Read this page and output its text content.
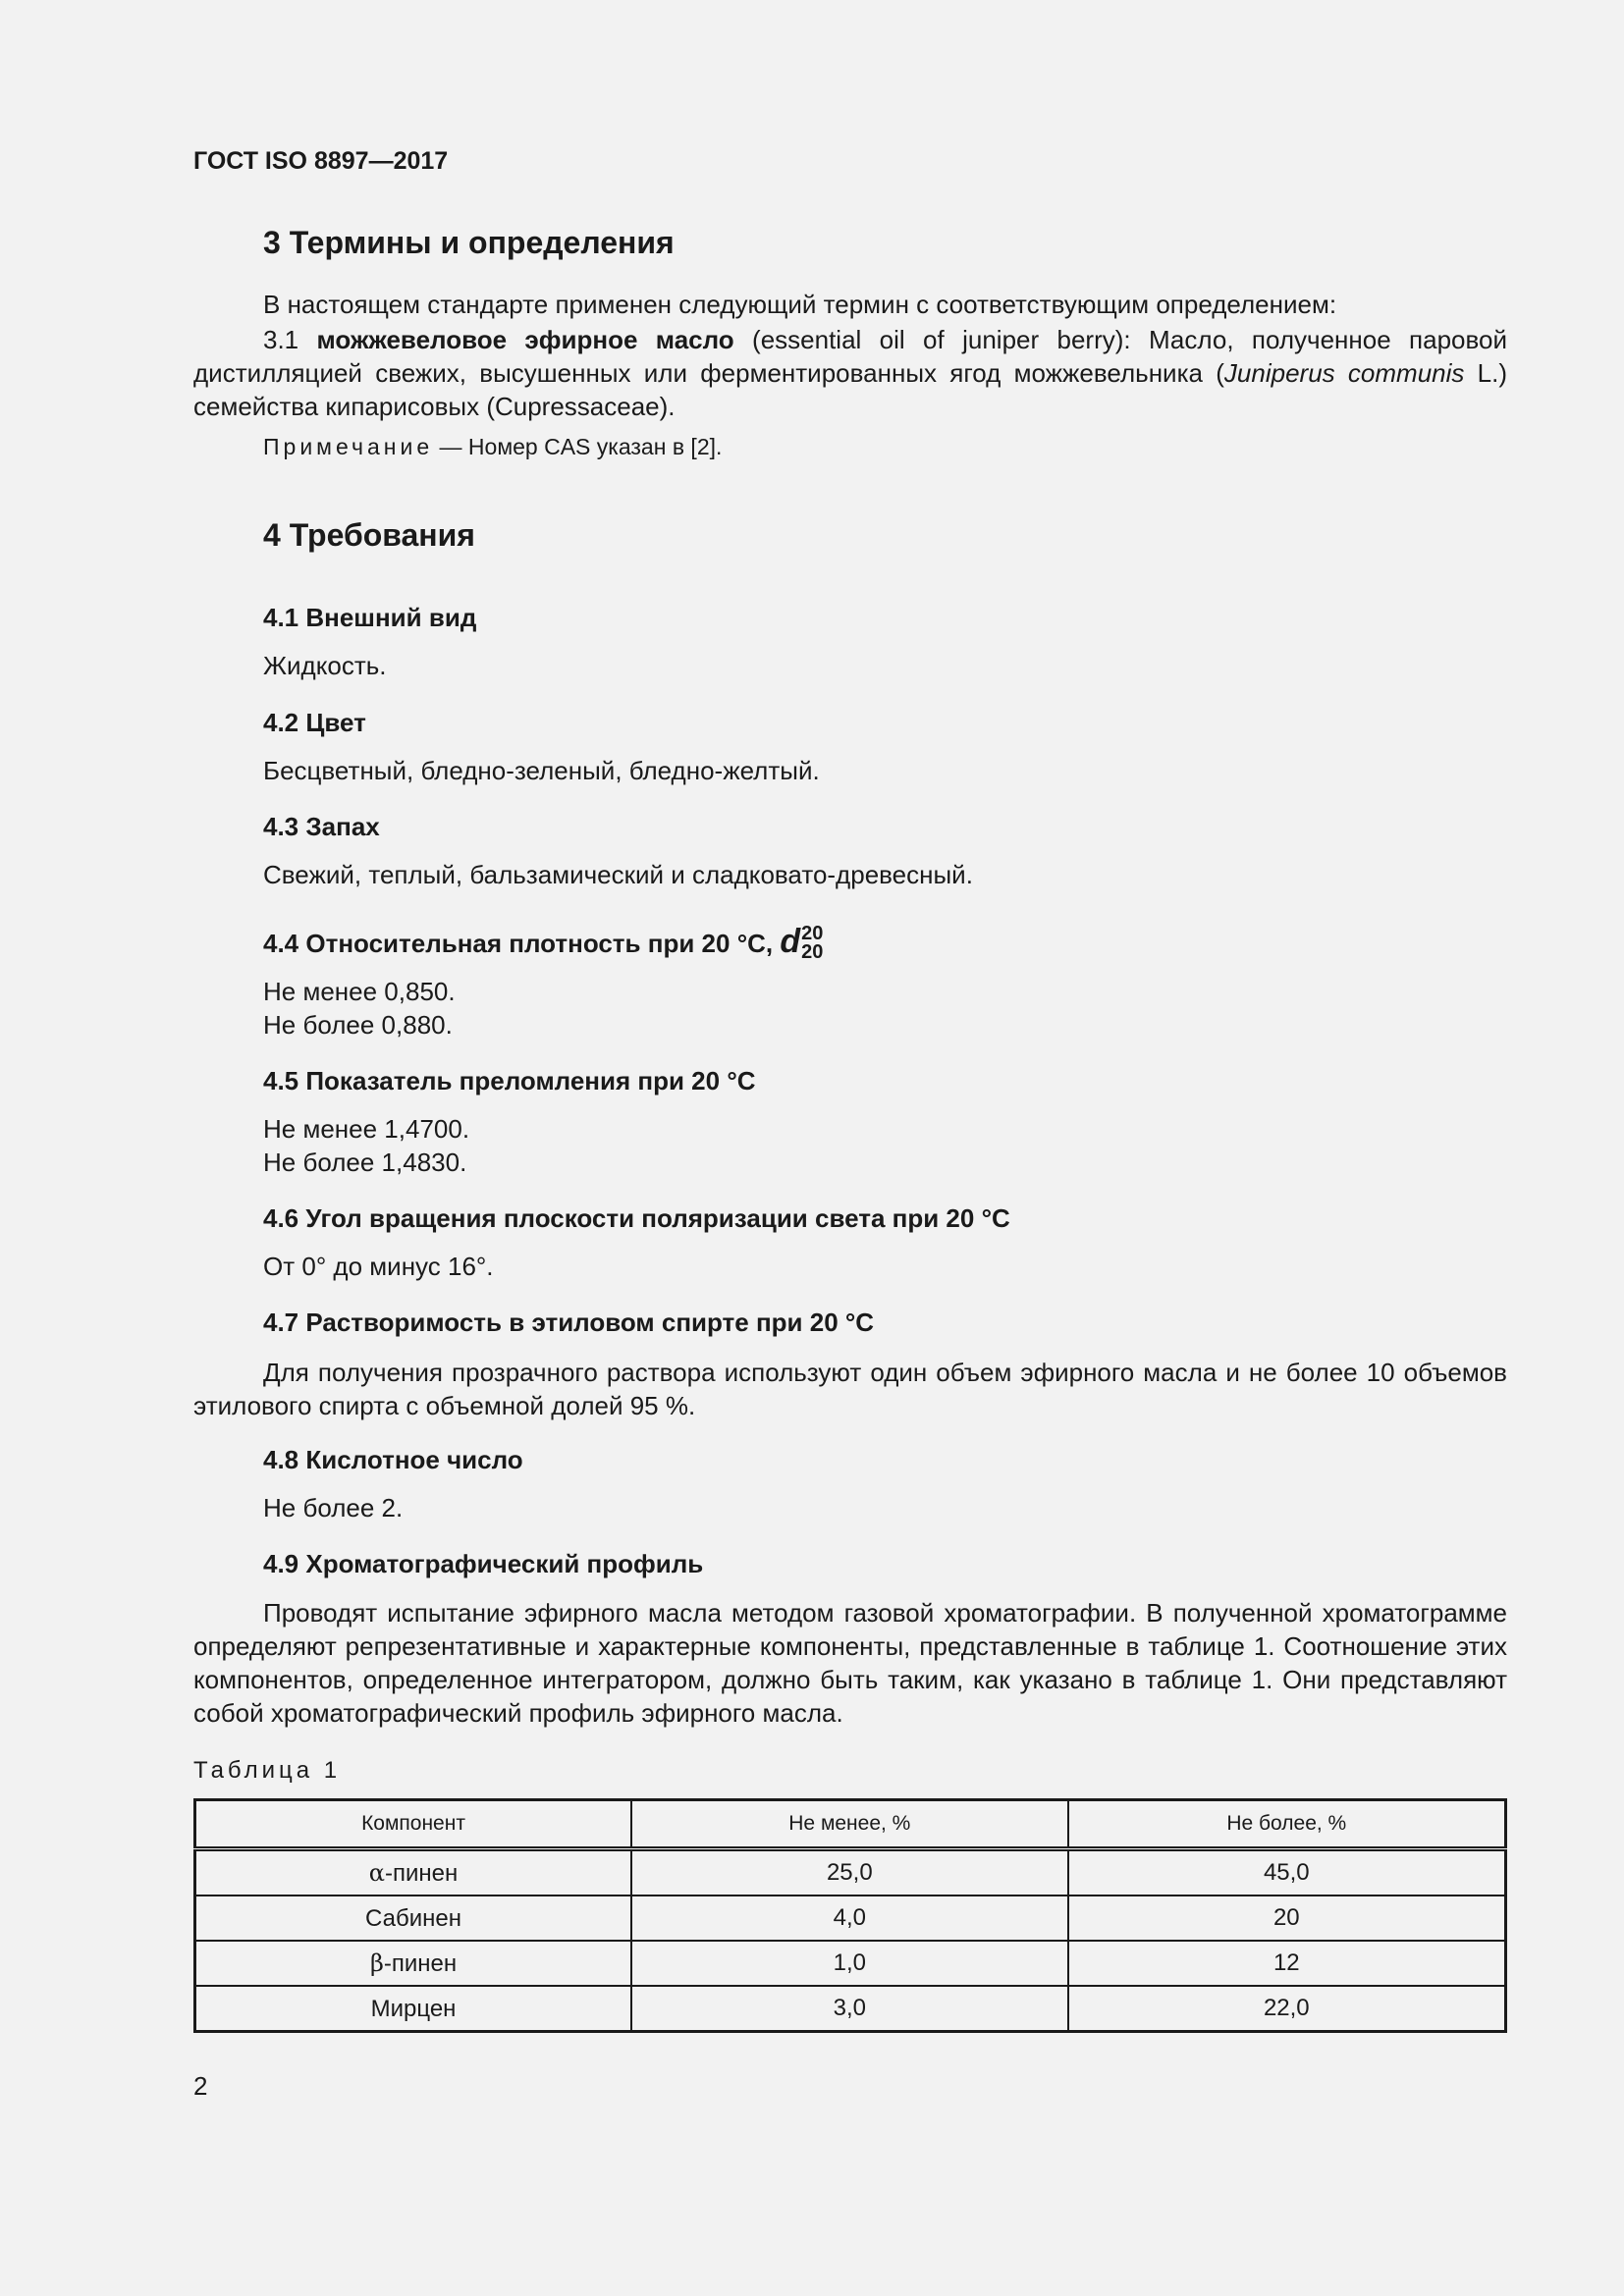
ГОСТ ISO 8897—2017
3 Термины и определения
В настоящем стандарте применен следующий термин с соответствующим определением:
3.1 можжевеловое эфирное масло (essential oil of juniper berry): Масло, полученное паровой дистилляцией свежих, высушенных или ферментированных ягод можжевельника (Juniperus communis L.) семейства кипарисовых (Cupressaceae).
Примечание — Номер CAS указан в [2].
4 Требования
4.1 Внешний вид
Жидкость.
4.2 Цвет
Бесцветный, бледно-зеленый, бледно-желтый.
4.3 Запах
Свежий, теплый, бальзамический и сладковато-древесный.
4.4 Относительная плотность при 20 °С, d 20
20
Не менее 0,850.
Не более 0,880.
4.5 Показатель преломления при 20 °С
Не менее 1,4700.
Не более 1,4830.
4.6 Угол вращения плоскости поляризации света при 20 °С
От 0° до минус 16°.
4.7 Растворимость в этиловом спирте при 20 °С
Для получения прозрачного раствора используют один объем эфирного масла и не более 10 объемов этилового спирта с объемной долей 95 %.
4.8 Кислотное число
Не более 2.
4.9 Хроматографический профиль
Проводят испытание эфирного масла методом газовой хроматографии. В полученной хроматограмме определяют репрезентативные и характерные компоненты, представленные в таблице 1. Соотношение этих компонентов, определенное интегратором, должно быть таким, как указано в таблице 1. Они представляют собой хроматографический профиль эфирного масла.
Таблица 1
Компонент	Не менее, %	Не более, %
α-пинен	25,0	45,0
Сабинен	4,0	20
β-пинен	1,0	12
Мирцен	3,0	22,0
2
